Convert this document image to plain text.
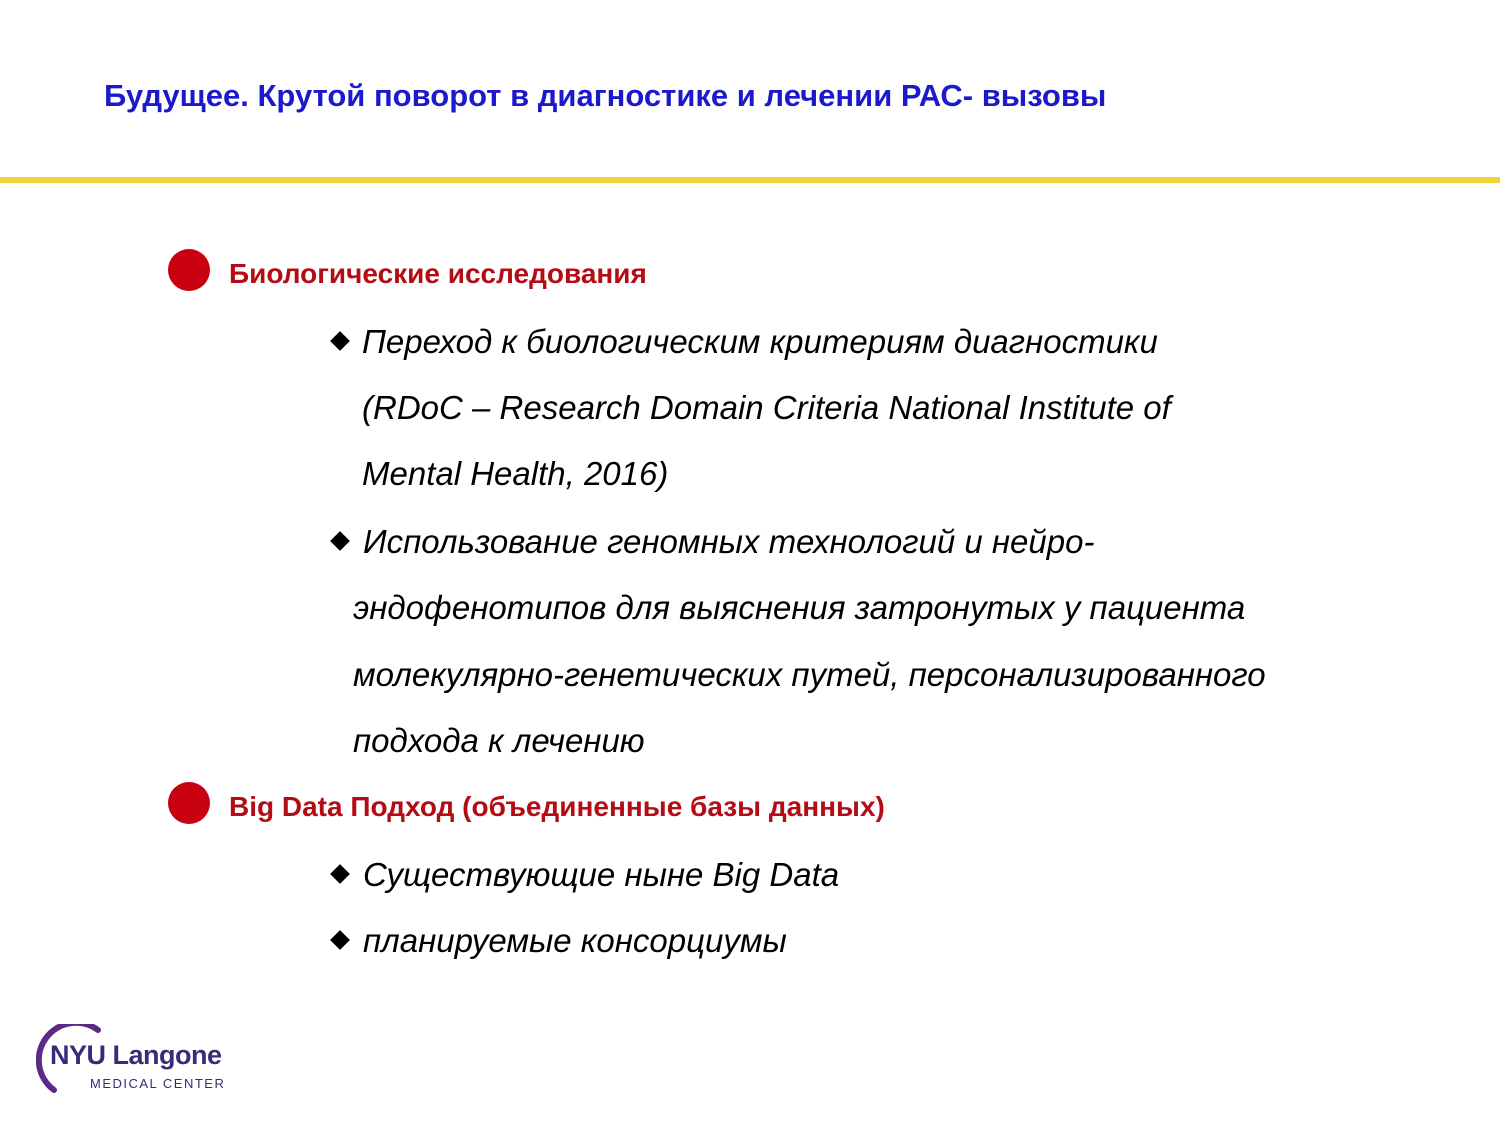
Будущее. Крутой поворот в диагностике и лечении РАС- вызовы
Биологические исследования
Переход к биологическим критериям диагностики
(RDoC – Research Domain Criteria National Institute of
Mental Health, 2016)
Использование геномных технологий и нейро-
эндофенотипов для выяснения затронутых у пациента
молекулярно-генетических путей, персонализированного
подхода к лечению
Big Data Подход (объединенные базы данных)
Существующие ныне Big Data
планируемые консорциумы
NYU Langone
MEDICAL CENTER
